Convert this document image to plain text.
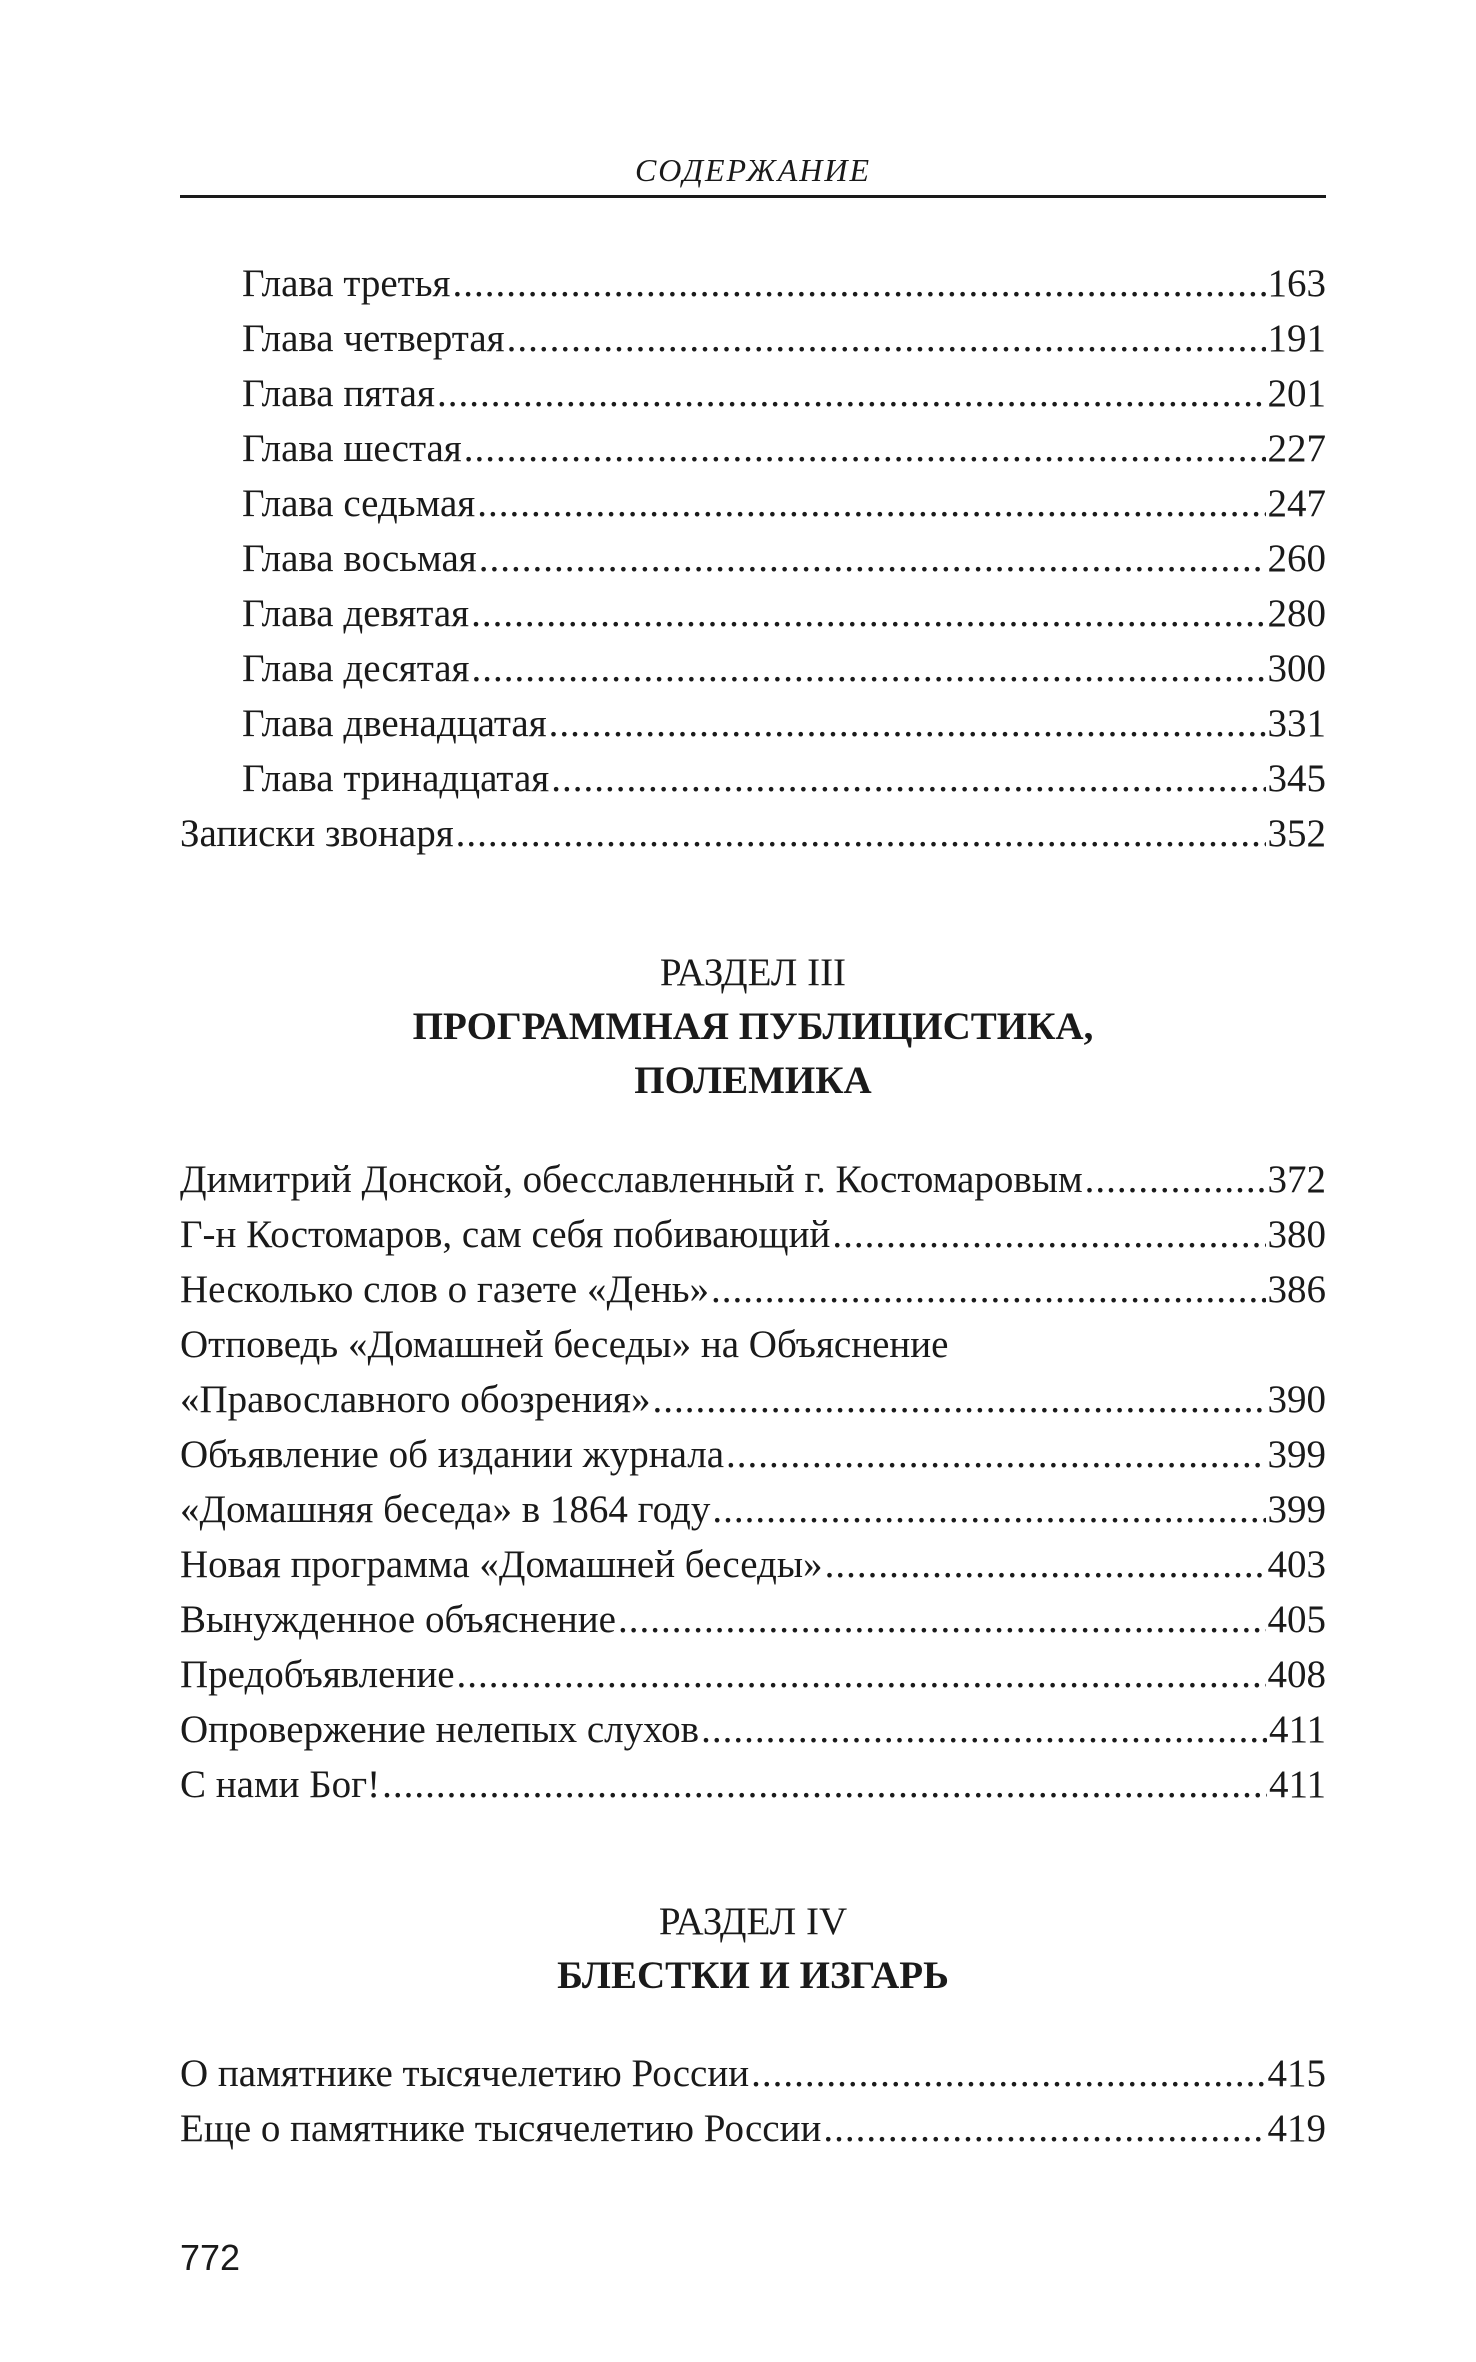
СОДЕРЖАНИЕ
Глава третья .....	163
Глава четвертая .....	191
Глава пятая .....	201
Глава шестая .....	227
Глава седьмая .....	247
Глава восьмая .....	260
Глава девятая .....	280
Глава десятая .....	300
Глава двенадцатая .....	331
Глава тринадцатая .....	345
Записки звонаря .....	352
РАЗДЕЛ III
ПРОГРАММНАЯ ПУБЛИЦИСТИКА,
ПОЛЕМИКА
Димитрий Донской, обесславленный г. Костомаровым .....	372
Г-н Костомаров, сам себя побивающий .....	380
Несколько слов о газете «День» .....	386
Отповедь «Домашней беседы» на Объяснение
«Православного обозрения» .....	390
Объявление об издании журнала .....	399
«Домашняя беседа» в 1864 году .....	399
Новая программа «Домашней беседы» .....	403
Вынужденное объяснение .....	405
Предобъявление .....	408
Опровержение нелепых слухов .....	411
С нами Бог! .....	411
РАЗДЕЛ IV
БЛЕСТКИ И ИЗГАРЬ
О памятнике тысячелетию России .....	415
Еще о памятнике тысячелетию России .....	419
772
